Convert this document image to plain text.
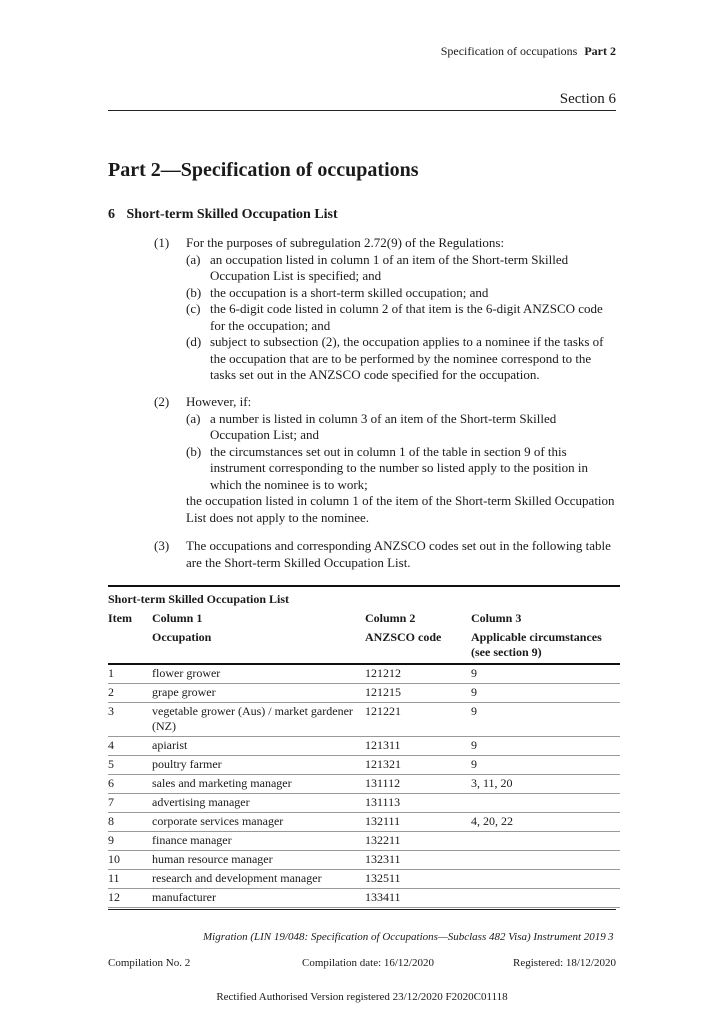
Specification of occupations Part 2
Section 6
Part 2—Specification of occupations
6 Short-term Skilled Occupation List
(1)	For the purposes of subregulation 2.72(9) of the Regulations:
(a) an occupation listed in column 1 of an item of the Short-term Skilled Occupation List is specified; and
(b) the occupation is a short-term skilled occupation; and
(c) the 6-digit code listed in column 2 of that item is the 6-digit ANZSCO code for the occupation; and
(d) subject to subsection (2), the occupation applies to a nominee if the tasks of the occupation that are to be performed by the nominee correspond to the tasks set out in the ANZSCO code specified for the occupation.
(2)	However, if:
(a) a number is listed in column 3 of an item of the Short-term Skilled Occupation List; and
(b) the circumstances set out in column 1 of the table in section 9 of this instrument corresponding to the number so listed apply to the position in which the nominee is to work;
the occupation listed in column 1 of the item of the Short-term Skilled Occupation List does not apply to the nominee.
(3)	The occupations and corresponding ANZSCO codes set out in the following table are the Short-term Skilled Occupation List.
Short-term Skilled Occupation List
Item	Column 1	Column 2	Column 3
	Occupation	ANZSCO code	Applicable circumstances (see section 9)
1	flower grower	121212	9
2	grape grower	121215	9
3	vegetable grower (Aus) / market gardener (NZ)	121221	9
4	apiarist	121311	9
5	poultry farmer	121321	9
6	sales and marketing manager	131112	3, 11, 20
7	advertising manager	131113	
8	corporate services manager	132111	4, 20, 22
9	finance manager	132211	
10	human resource manager	132311	
11	research and development manager	132511	
12	manufacturer	133411	
Migration (LIN 19/048: Specification of Occupations—Subclass 482 Visa) Instrument 2019 3
Compilation No. 2	Compilation date: 16/12/2020	Registered: 18/12/2020
Rectified Authorised Version registered 23/12/2020 F2020C01118
